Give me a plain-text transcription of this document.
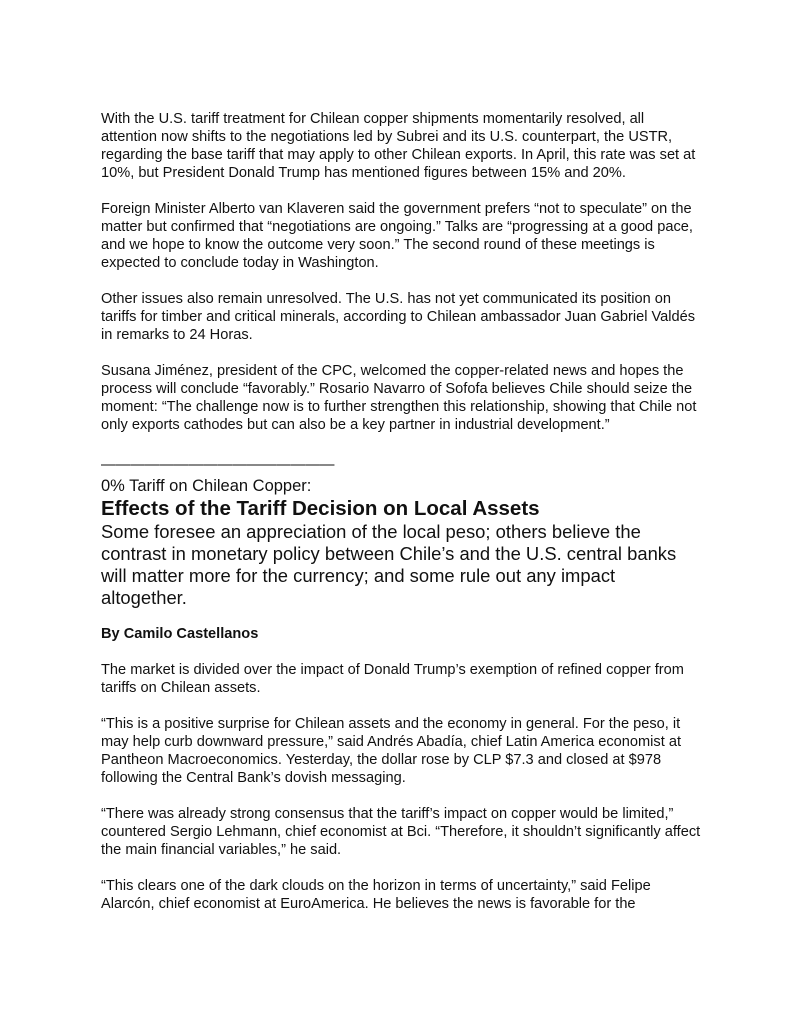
With the U.S. tariff treatment for Chilean copper shipments momentarily resolved, all attention now shifts to the negotiations led by Subrei and its U.S. counterpart, the USTR, regarding the base tariff that may apply to other Chilean exports. In April, this rate was set at 10%, but President Donald Trump has mentioned figures between 15% and 20%.

Foreign Minister Alberto van Klaveren said the government prefers “not to speculate” on the matter but confirmed that “negotiations are ongoing.” Talks are “progressing at a good pace, and we hope to know the outcome very soon.” The second round of these meetings is expected to conclude today in Washington.

Other issues also remain unresolved. The U.S. has not yet communicated its position on tariffs for timber and critical minerals, according to Chilean ambassador Juan Gabriel Valdés in remarks to 24 Horas.

Susana Jiménez, president of the CPC, welcomed the copper-related news and hopes the process will conclude “favorably.” Rosario Navarro of Sofofa believes Chile should seize the moment: “The challenge now is to further strengthen this relationship, showing that Chile not only exports cathodes but can also be a key partner in industrial development.”

————————————————
0% Tariff on Chilean Copper:
Effects of the Tariff Decision on Local Assets

Some foresee an appreciation of the local peso; others believe the contrast in monetary policy between Chile’s and the U.S. central banks will matter more for the currency; and some rule out any impact altogether.

By Camilo Castellanos

The market is divided over the impact of Donald Trump’s exemption of refined copper from tariffs on Chilean assets.

“This is a positive surprise for Chilean assets and the economy in general. For the peso, it may help curb downward pressure,” said Andrés Abadía, chief Latin America economist at Pantheon Macroeconomics. Yesterday, the dollar rose by CLP $7.3 and closed at $978 following the Central Bank’s dovish messaging.

“There was already strong consensus that the tariff’s impact on copper would be limited,” countered Sergio Lehmann, chief economist at Bci. “Therefore, it shouldn’t significantly affect the main financial variables,” he said.

“This clears one of the dark clouds on the horizon in terms of uncertainty,” said Felipe Alarcón, chief economist at EuroAmerica. He believes the news is favorable for the
